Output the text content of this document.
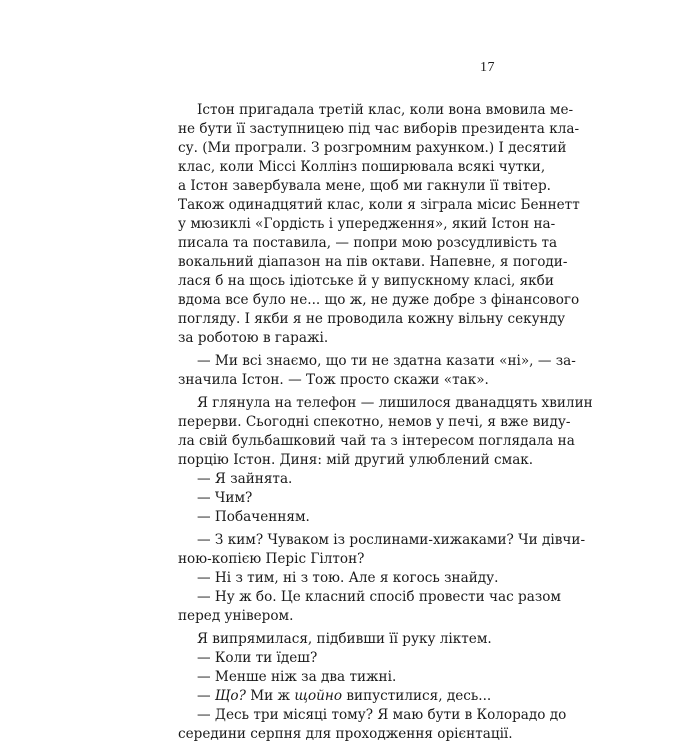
17

Істон пригадала третій клас, коли вона вмовила ме-

не бути її заступницею під час виборів президента кла-

су. (Ми програли. З розгромним рахунком.) І десятий

клас, коли Міссі Коллінз поширювала всякі чутки,

а Істон завербувала мене, щоб ми гакнули її твітер.

Також одинадцятий клас, коли я зіграла місис Беннетт

у мюзиклі «Гордість і упередження», який Істон на-

писала та поставила, — попри мою розсудливість та

вокальний діапазон на пів октави. Напевне, я погоди-

лася б на щось ідіотське й у випускному класі, якби

вдома все було не... що ж, не дуже добре з фінансового

погляду. І якби я не проводила кожну вільну секунду

за роботою в гаражі.

— Ми всі знаємо, що ти не здатна казати «ні», — за-

значила Істон. — Тож просто скажи «так».

Я глянула на телефон — лишилося дванадцять хвилин

перерви. Сьогодні спекотно, немов у печі, я вже виду-

ла свій бульбашковий чай та з інтересом поглядала на

порцію Істон. Диня: мій другий улюблений смак.

— Я зайнята.

— Чим?

— Побаченням.

— З ким? Чуваком із рослинами-хижаками? Чи дівчи-

ною-копією Періс Гілтон?

— Ні з тим, ні з тою. Але я когось знайду.

— Ну ж бо. Це класний спосіб провести час разом

перед універом.

Я випрямилася, підбивши її руку ліктем.

— Коли ти їдеш?

— Менше ніж за два тижні.

— Що? Ми ж щойно випустилися, десь...

— Десь три місяці тому? Я маю бути в Колорадо до

середини серпня для проходження орієнтації.
